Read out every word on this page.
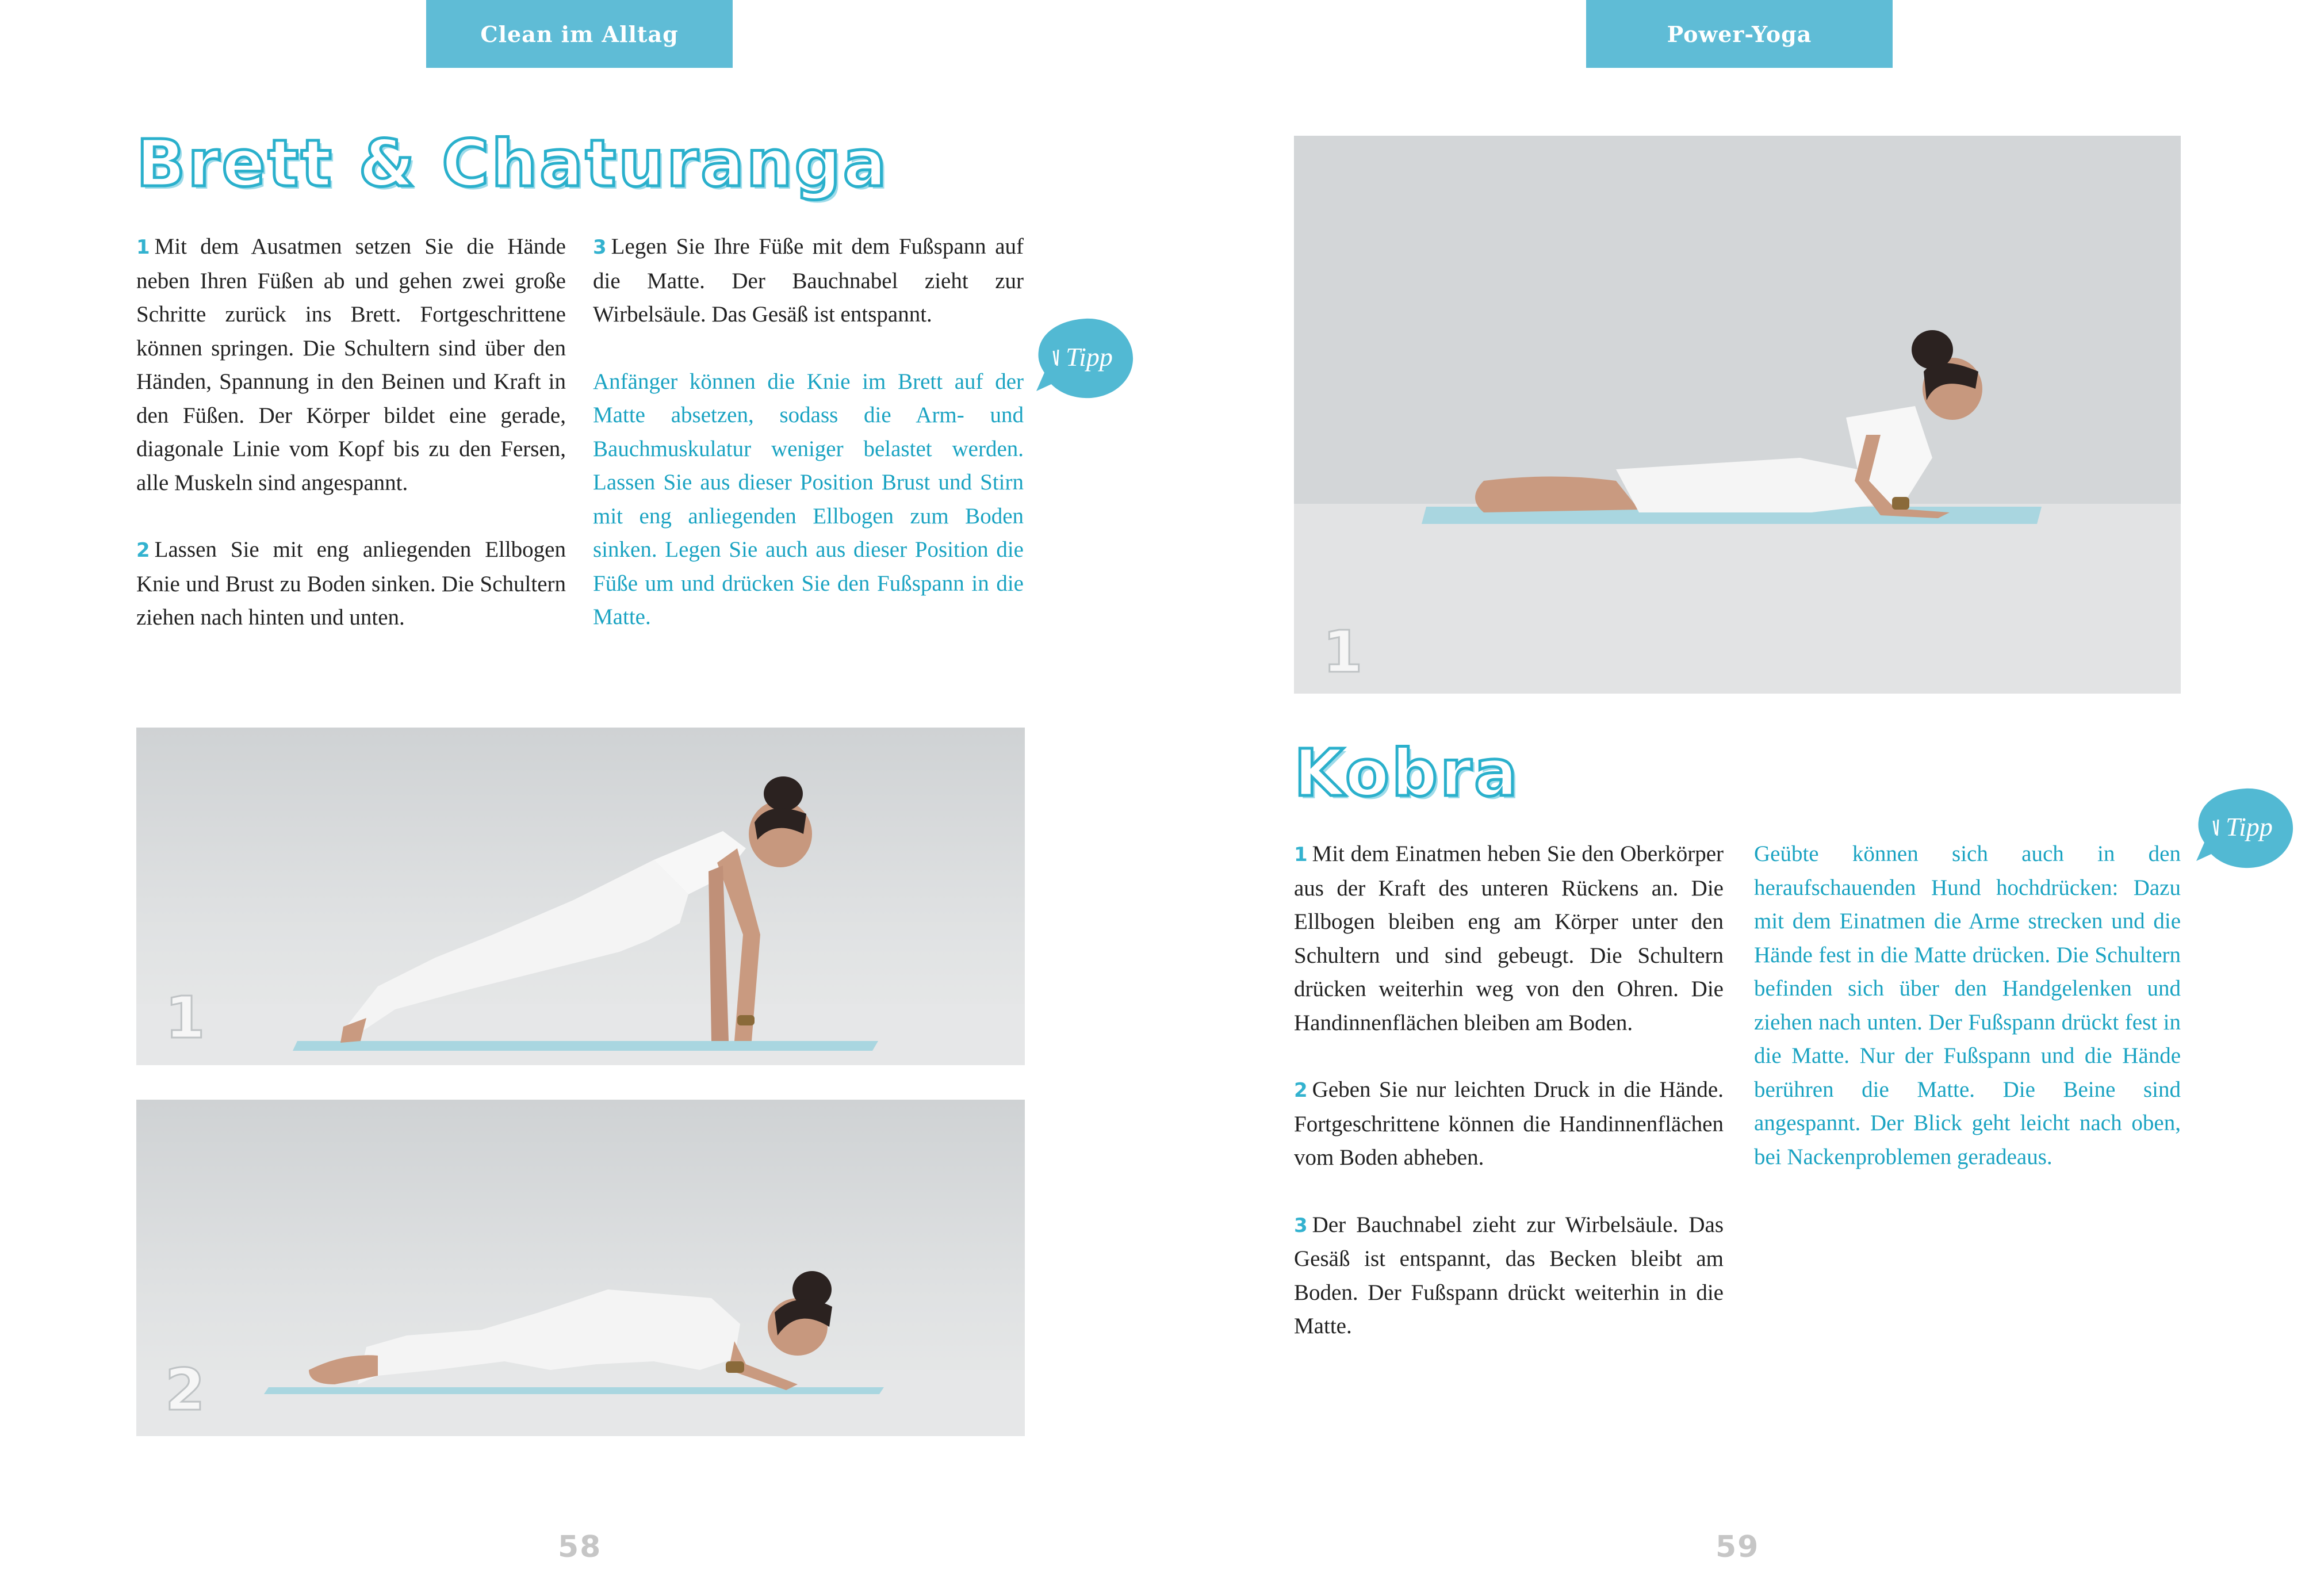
Clean im Alltag
Brett & Chaturanga

1 Mit dem Ausatmen setzen Sie die Hände neben Ihren Füßen ab und gehen zwei große Schritte zurück ins Brett. Fortgeschrittene können springen. Die Schultern sind über den Händen, Spannung in den Beinen und Kraft in den Füßen. Der Körper bildet eine gerade, diagonale Linie vom Kopf bis zu den Fersen, alle Muskeln sind angespannt.

2 Lassen Sie mit eng anliegenden Ellbogen Knie und Brust zu Boden sinken. Die Schultern ziehen nach hinten und unten.

3 Legen Sie Ihre Füße mit dem Fußspann auf die Matte. Der Bauchnabel zieht zur Wirbelsäule. Das Gesäß ist entspannt.

Anfänger können die Knie im Brett auf der Matte absetzen, sodass die Arm- und Bauchmuskulatur weniger belastet werden. Lassen Sie aus dieser Position Brust und Stirn mit eng anliegenden Ellbogen zum Boden sinken. Legen Sie auch aus dieser Position die Füße um und drücken Sie den Fußspann in die Matte.

Tipp
1
2
58
Power-Yoga
1
Kobra

1 Mit dem Einatmen heben Sie den Oberkörper aus der Kraft des unteren Rückens an. Die Ellbogen bleiben eng am Körper unter den Schultern und sind gebeugt. Die Schultern drücken weiterhin weg von den Ohren. Die Handinnenflächen bleiben am Boden.

2 Geben Sie nur leichten Druck in die Hände. Fortgeschrittene können die Handinnenflächen vom Boden abheben.

3 Der Bauchnabel zieht zur Wirbelsäule. Das Gesäß ist entspannt, das Becken bleibt am Boden. Der Fußspann drückt weiterhin in die Matte.

Geübte können sich auch in den heraufschauenden Hund hochdrücken: Dazu mit dem Einatmen die Arme strecken und die Hände fest in die Matte drücken. Die Schultern befinden sich über den Handgelenken und ziehen nach unten. Der Fußspann drückt fest in die Matte. Nur der Fußspann und die Hände berühren die Matte. Die Beine sind angespannt. Der Blick geht leicht nach oben, bei Nackenproblemen geradeaus.

Tipp
59
